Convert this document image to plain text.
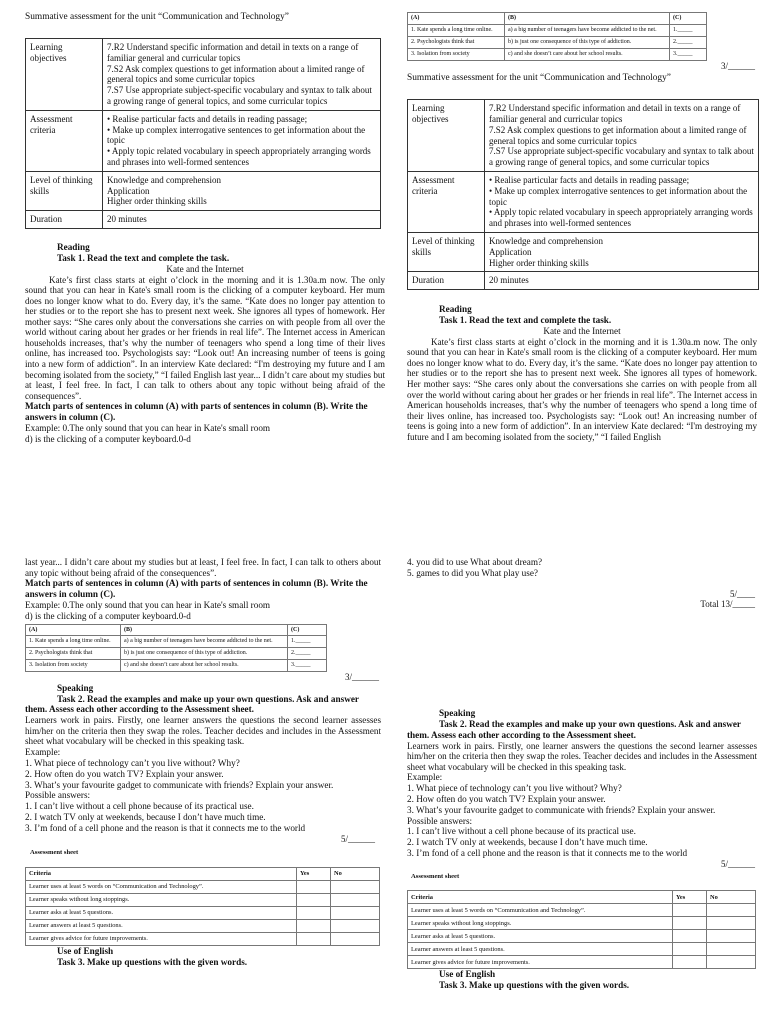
Summative assessment for the unit “Communication and Technology”

Learning objectives	7.R2 Understand specific information and detail in texts on a range of familiar general and curricular topics
7.S2 Ask complex questions to get information about a limited range of general topics and some curricular topics
7.S7 Use appropriate subject-specific vocabulary and syntax to talk about a growing range of general topics, and some curricular topics

Assessment criteria	• Realise particular facts and details in reading passage;
• Make up complex interrogative sentences to get information about the topic
• Apply topic related vocabulary in speech appropriately arranging words and phrases into well-formed sentences

Level of thinking skills	Knowledge and comprehension
Application
Higher order thinking skills

Duration	20 minutes

Reading

Task 1. Read the text and complete the task.

Kate and the Internet

Kate’s first class starts at eight o’clock in the morning and it is 1.30a.m now. The only sound that you can hear in Kate's small room is the clicking of a computer keyboard. Her mum does no longer know what to do. Every day, it’s the same. “Kate does no longer pay attention to her studies or to the report she has to present next week. She ignores all types of homework. Her mother says: “She cares only about the conversations she carries on with people from all over the world without caring about her grades or her friends in real life”. The Internet access in American households increases, that’s why the number of teenagers who spend a long time of their lives online, has increased too. Psychologists say: “Look out! An increasing number of teens is going into a new form of addiction”. In an interview Kate declared: “I'm destroying my future and I am becoming isolated from the society,” “I failed English last year... I didn’t care about my studies but at least, I feel free. In fact, I can talk to others about any topic without being afraid of the consequences”.

Match parts of sentences in column (A) with parts of sentences in column (B). Write the answers in column (C).

Example: 0.The only sound that you can hear in Kate's small room

d) is the clicking of a computer keyboard.0-d

(A)	(B)	(C)
1. Kate spends a long time online.	a) a big number of teenagers have become addicted to the net.	1._____
2. Psychologists think that	b) is just one consequence of this type of addiction.	2._____
3. Isolation from society	c) and she doesn’t care about her school results.	3._____

3/______

Summative assessment for the unit “Communication and Technology”

Learning objectives	7.R2 Understand specific information and detail in texts on a range of familiar general and curricular topics
7.S2 Ask complex questions to get information about a limited range of general topics and some curricular topics
7.S7 Use appropriate subject-specific vocabulary and syntax to talk about a growing range of general topics, and some curricular topics

Assessment criteria	• Realise particular facts and details in reading passage;
• Make up complex interrogative sentences to get information about the topic
• Apply topic related vocabulary in speech appropriately arranging words and phrases into well-formed sentences

Level of thinking skills	Knowledge and comprehension
Application
Higher order thinking skills

Duration	20 minutes

Reading

Task 1. Read the text and complete the task.

Kate and the Internet

Kate’s first class starts at eight o’clock in the morning and it is 1.30a.m now. The only sound that you can hear in Kate's small room is the clicking of a computer keyboard. Her mum does no longer know what to do. Every day, it’s the same. “Kate does no longer pay attention to her studies or to the report she has to present next week. She ignores all types of homework. Her mother says: “She cares only about the conversations she carries on with people from all over the world without caring about her grades or her friends in real life”. The Internet access in American households increases, that’s why the number of teenagers who spend a long time of their lives online, has increased too. Psychologists say: “Look out! An increasing number of teens is going into a new form of addiction”. In an interview Kate declared: “I'm destroying my future and I am becoming isolated from the society,” “I failed English

last year... I didn’t care about my studies but at least, I feel free. In fact, I can talk to others about any topic without being afraid of the consequences”.

Match parts of sentences in column (A) with parts of sentences in column (B). Write the answers in column (C).

Example: 0.The only sound that you can hear in Kate's small room

d) is the clicking of a computer keyboard.0-d

(A)	(B)	(C)
1. Kate spends a long time online.	a) a big number of teenagers have become addicted to the net.	1._____
2. Psychologists think that	b) is just one consequence of this type of addiction.	2._____
3. Isolation from society	c) and she doesn’t care about her school results.	3._____

3/______

Speaking

Task 2. Read the examples and make up your own questions. Ask and answer them. Assess each other according to the Assessment sheet.

Learners work in pairs. Firstly, one learner answers the questions the second learner assesses him/her on the criteria then they swap the roles. Teacher decides and includes in the Assessment sheet what vocabulary will be checked in this speaking task.

Example:

1. What piece of technology can’t you live without? Why?

2. How often do you watch TV? Explain your answer.

3. What’s your favourite gadget to communicate with friends? Explain your answer.

Possible answers:

1. I can’t live without a cell phone because of its practical use.

2. I watch TV only at weekends, because I don’t have much time.

3. I’m fond of a cell phone and the reason is that it connects me to the world

5/______

Assessment sheet

Criteria	Yes	No
Learner uses at least 5 words on “Communication and Technology”.		
Learner speaks without long stoppings.		
Learner asks at least 5 questions.		
Learner answers at least 5 questions.		
Learner gives advice for future improvements.		

Use of English

Task 3. Make up questions with the given words.

4. you did to use What about dream?

5. games to did you What play use?

5/____

Total 13/_____

Speaking

Task 2. Read the examples and make up your own questions. Ask and answer them. Assess each other according to the Assessment sheet.

Learners work in pairs. Firstly, one learner answers the questions the second learner assesses him/her on the criteria then they swap the roles. Teacher decides and includes in the Assessment sheet what vocabulary will be checked in this speaking task.

Example:

1. What piece of technology can’t you live without? Why?

2. How often do you watch TV? Explain your answer.

3. What’s your favourite gadget to communicate with friends? Explain your answer.

Possible answers:

1. I can’t live without a cell phone because of its practical use.

2. I watch TV only at weekends, because I don’t have much time.

3. I’m fond of a cell phone and the reason is that it connects me to the world

5/______

Assessment sheet

Criteria	Yes	No
Learner uses at least 5 words on “Communication and Technology”.		
Learner speaks without long stoppings.		
Learner asks at least 5 questions.		
Learner answers at least 5 questions.		
Learner gives advice for future improvements.		

Use of English

Task 3. Make up questions with the given words.
